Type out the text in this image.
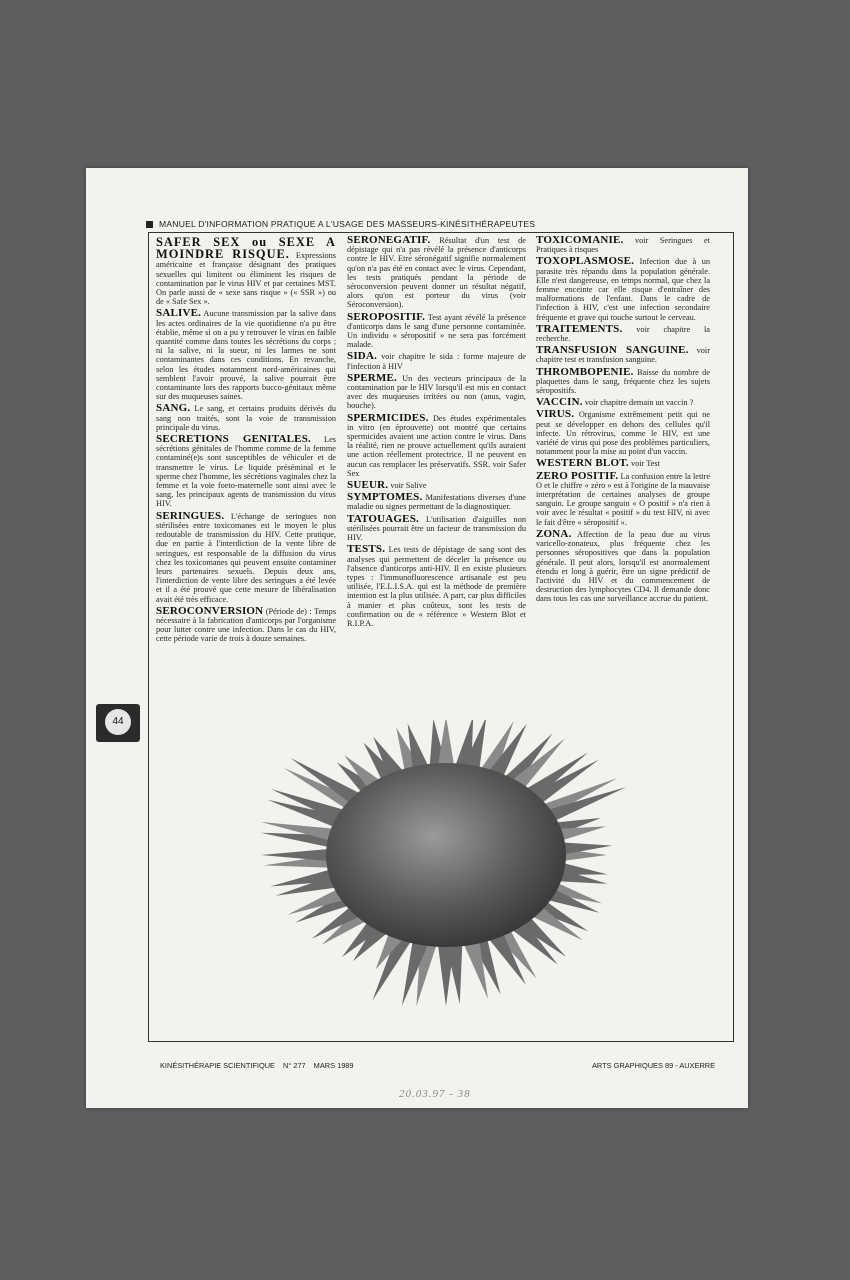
MANUEL D'INFORMATION PRATIQUE A L'USAGE DES MASSEURS-KINÉSITHÉRAPEUTES
SAFER SEX ou SEXE A MOINDRE RISQUE. Expressions américaine et française désignant des pratiques sexuelles qui limitent ou éliminent les risques de contamination par le virus HIV et par certaines MST. On parle aussi de « sexe sans risque » (« SSR ») ou de « Safe Sex ».
SALIVE. Aucune transmission par la salive dans les actes ordinaires de la vie quotidienne n'a pu être établie, même si on a pu y retrouver le virus en faible quantité comme dans toutes les sécrétions du corps ; ni la salive, ni la sueur, ni les larmes ne sont contaminantes dans ces conditions. En revanche, selon les études notamment nord-américaines qui semblent l'avoir prouvé, la salive pourrait être contaminante lors des rapports bucco-génitaux même sur des muqueuses saines.
SANG. Le sang, et certains produits dérivés du sang non traités, sont la voie de transmission principale du virus.
SECRETIONS GENITALES. Les sécrétions génitales de l'homme comme de la femme contaminé(e)s sont susceptibles de véhiculer et de transmettre le virus. Le liquide préséminal et le sperme chez l'homme, les sécrétions vaginales chez la femme et la voie foeto-maternelle sont ainsi avec le sang, les principaux agents de transmission du virus HIV.
SERINGUES. L'échange de seringues non stérilisées entre toxicomanes est le moyen le plus redoutable de transmission du HIV. Cette pratique, due en partie à l'interdiction de la vente libre de seringues, est responsable de la diffusion du virus chez les toxicomanes qui peuvent ensuite contaminer leurs partenaires sexuels. Depuis deux ans, l'interdiction de vente libre des seringues a été levée et il a été prouvé que cette mesure de libéralisation avait été très efficace.
SEROCONVERSION (Période de) : Temps nécessaire à la fabrication d'anticorps par l'organisme pour lutter contre une infection. Dans le cas du HIV, cette période varie de trois à douze semaines.
SERONEGATIF. Résultat d'un test de dépistage qui n'a pas révélé la présence d'anticorps contre le HIV. Etre séronégatif signifie normalement qu'on n'a pas été en contact avec le virus. Cependant, les tests pratiqués pendant la période de séroconversion peuvent donner un résultat négatif, alors qu'on est porteur du virus (voir Séroconversion).
SEROPOSITIF. Test ayant révélé la présence d'anticorps dans le sang d'une personne contaminée. Un individu « séropositif » ne sera pas forcément malade.
SIDA. voir chapitre le sida : forme majeure de l'infection à HIV
SPERME. Un des vecteurs principaux de la contamination par le HIV lorsqu'il est mis en contact avec des muqueuses irritées ou non (anus, vagin, bouche).
SPERMICIDES. Des études expérimentales in vitro (en éprouvette) ont montré que certains spermicides avaient une action contre le virus. Dans la réalité, rien ne prouve actuellement qu'ils auraient une action réellement protectrice. Il ne peuvent en aucun cas remplacer les préservatifs. SSR. voir Safer Sex
SUEUR. voir Salive
SYMPTOMES. Manifestations diverses d'une maladie ou signes permettant de la diagnostiquer.
TATOUAGES. L'utilisation d'aiguilles non stérilisées pourrait être un facteur de transmission du HIV.
TESTS. Les tests de dépistage de sang sont des analyses qui permettent de déceler la présence ou l'absence d'anticorps anti-HIV. Il en existe plusieurs types : l'immunofluorescence artisanale est peu utilisée, l'E.L.I.S.A. qui est la méthode de première intention est la plus utilisée. A part, car plus difficiles à manier et plus coûteux, sont les tests de confirmation ou de « référence » Western Blot et R.I.P.A.
TOXICOMANIE. voir Seringues et Pratiques à risques
TOXOPLASMOSE. Infection due à un parasite très répandu dans la population générale. Elle n'est dangereuse, en temps normal, que chez la femme enceinte car elle risque d'entraîner des malformations de l'enfant. Dans le cadre de l'infection à HIV, c'est une infection secondaire fréquente et grave qui touche surtout le cerveau.
TRAITEMENTS. voir chapitre la recherche.
TRANSFUSION SANGUINE. voir chapitre test et transfusion sanguine.
THROMBOPENIE. Baisse du nombre de plaquettes dans le sang, fréquente chez les sujets séropositifs.
VACCIN. voir chapitre demain un vaccin ?
VIRUS. Organisme extrêmement petit qui ne peut se développer en dehors des cellules qu'il infecte. Un rétrovirus, comme le HIV, est une variété de virus qui pose des problèmes particuliers, notamment pour la mise au point d'un vaccin.
WESTERN BLOT. voir Test
ZERO POSITIF. La confusion entre la lettre O et le chiffre « zéro » est à l'origine de la mauvaise interprétation de certaines analyses de groupe sanguin. Le groupe sanguin « O positif » n'a rien à voir avec le résultat « positif » du test HIV, ni avec le fait d'être « séropositif ».
ZONA. Affection de la peau due au virus varicello-zonateux, plus fréquente chez les personnes séropositives que dans la population générale. Il peut alors, lorsqu'il est anormalement étendu et long à guérir, être un signe prédictif de l'activité du HIV et du commencement de destruction des lymphocytes CD4. Il demande donc dans tous les cas une surveillance accrue du patient.
44
KINÉSITHÉRAPIE SCIENTIFIQUE N° 277 MARS 1989	ARTS GRAPHIQUES 89 - AUXERRE
20.03.97 - 38
